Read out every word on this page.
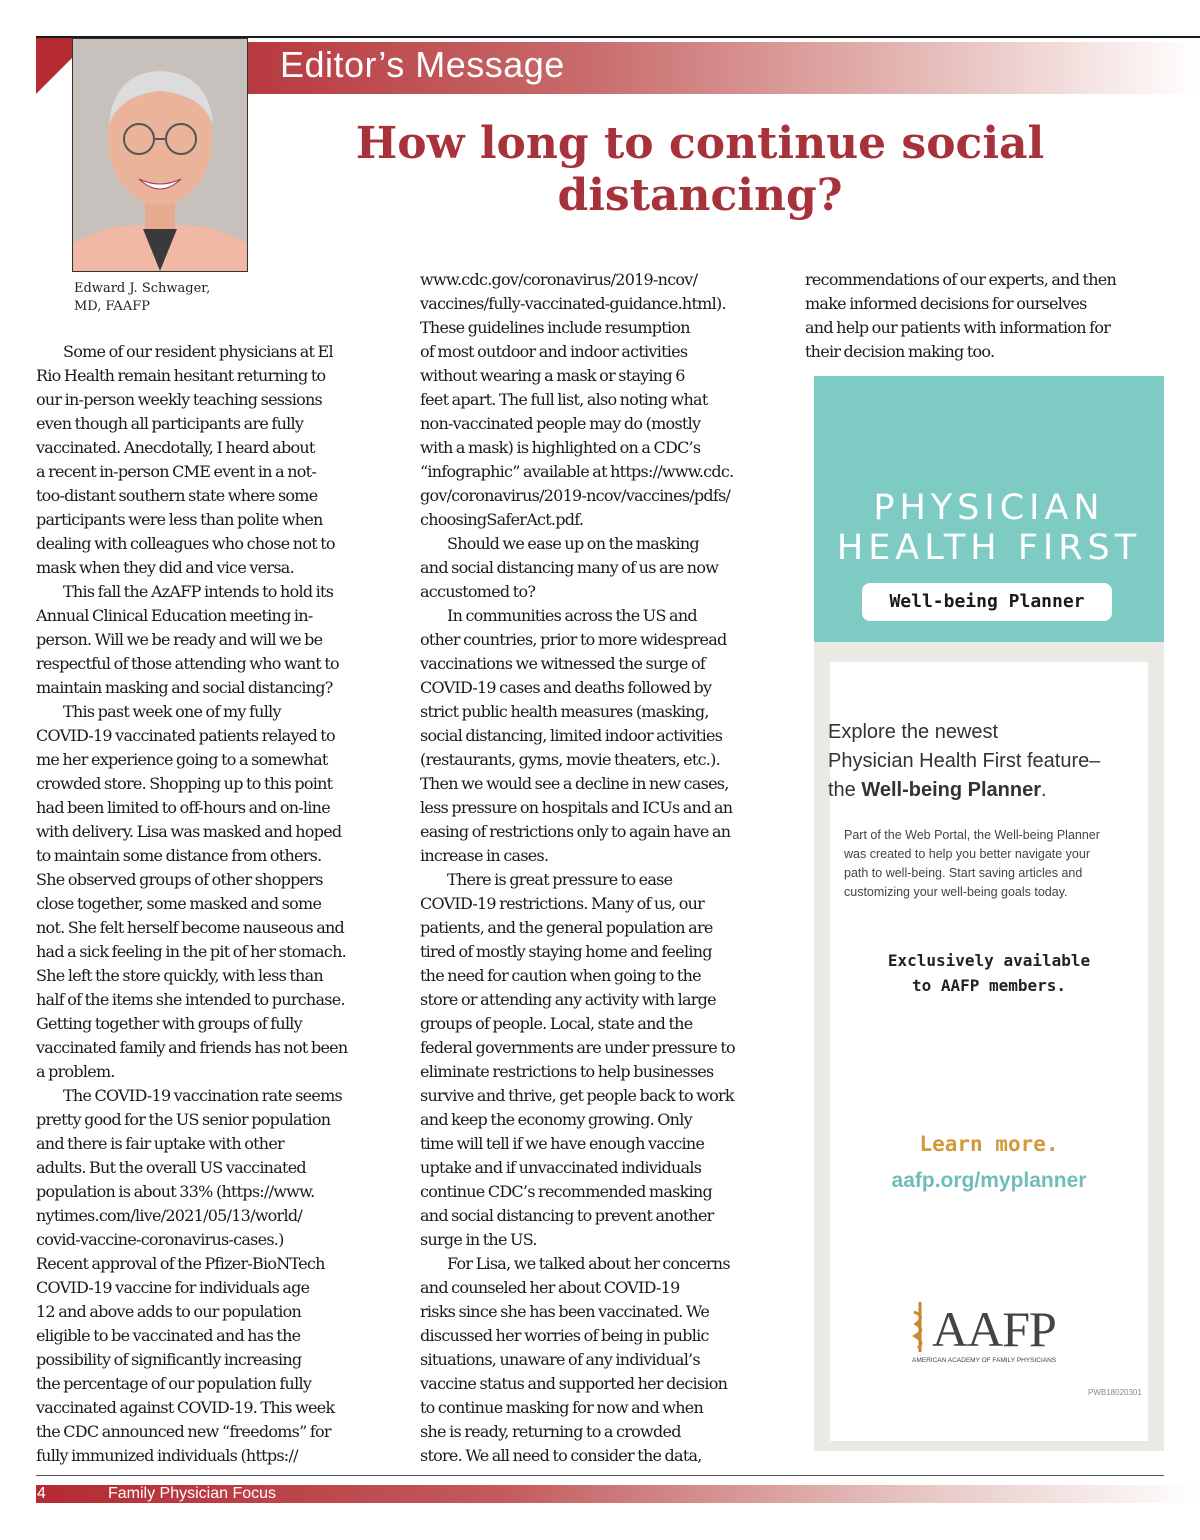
Editor’s Message
Edward J. Schwager,
MD, FAAFP
How long to continue social
distancing?
Some of our resident physicians at El
Rio Health remain hesitant returning to
our in-person weekly teaching sessions
even though all participants are fully
vaccinated. Anecdotally, I heard about
a recent in-person CME event in a not-
too-distant southern state where some
participants were less than polite when
dealing with colleagues who chose not to
mask when they did and vice versa.
This fall the AzAFP intends to hold its
Annual Clinical Education meeting in-
person. Will we be ready and will we be
respectful of those attending who want to
maintain masking and social distancing?
This past week one of my fully
COVID-19 vaccinated patients relayed to
me her experience going to a somewhat
crowded store. Shopping up to this point
had been limited to off-hours and on-line
with delivery. Lisa was masked and hoped
to maintain some distance from others.
She observed groups of other shoppers
close together, some masked and some
not. She felt herself become nauseous and
had a sick feeling in the pit of her stomach.
She left the store quickly, with less than
half of the items she intended to purchase.
Getting together with groups of fully
vaccinated family and friends has not been
a problem.
The COVID-19 vaccination rate seems
pretty good for the US senior population
and there is fair uptake with other
adults. But the overall US vaccinated
population is about 33% (https://www.
nytimes.com/live/2021/05/13/world/
covid-vaccine-coronavirus-cases.)
Recent approval of the Pfizer-BioNTech
COVID-19 vaccine for individuals age
12 and above adds to our population
eligible to be vaccinated and has the
possibility of significantly increasing
the percentage of our population fully
vaccinated against COVID-19. This week
the CDC announced new “freedoms” for
fully immunized individuals (https://
www.cdc.gov/coronavirus/2019-ncov/
vaccines/fully-vaccinated-guidance.html).
These guidelines include resumption
of most outdoor and indoor activities
without wearing a mask or staying 6
feet apart. The full list, also noting what
non-vaccinated people may do (mostly
with a mask) is highlighted on a CDC’s
“infographic” available at https://www.cdc.
gov/coronavirus/2019-ncov/vaccines/pdfs/
choosingSaferAct.pdf.
Should we ease up on the masking
and social distancing many of us are now
accustomed to?
In communities across the US and
other countries, prior to more widespread
vaccinations we witnessed the surge of
COVID-19 cases and deaths followed by
strict public health measures (masking,
social distancing, limited indoor activities
(restaurants, gyms, movie theaters, etc.).
Then we would see a decline in new cases,
less pressure on hospitals and ICUs and an
easing of restrictions only to again have an
increase in cases.
There is great pressure to ease
COVID-19 restrictions. Many of us, our
patients, and the general population are
tired of mostly staying home and feeling
the need for caution when going to the
store or attending any activity with large
groups of people. Local, state and the
federal governments are under pressure to
eliminate restrictions to help businesses
survive and thrive, get people back to work
and keep the economy growing. Only
time will tell if we have enough vaccine
uptake and if unvaccinated individuals
continue CDC’s recommended masking
and social distancing to prevent another
surge in the US.
For Lisa, we talked about her concerns
and counseled her about COVID-19
risks since she has been vaccinated. We
discussed her worries of being in public
situations, unaware of any individual’s
vaccine status and supported her decision
to continue masking for now and when
she is ready, returning to a crowded
store. We all need to consider the data,
recommendations of our experts, and then
make informed decisions for ourselves
and help our patients with information for
their decision making too.
PHYSICIAN
HEALTH FIRST
Well-being Planner
Explore the newest
Physician Health First feature–
the Well-being Planner.
Part of the Web Portal, the Well-being Planner
was created to help you better navigate your
path to well-being. Start saving articles and
customizing your well-being goals today.
Exclusively available
to AAFP members.
Learn more.
aafp.org/myplanner
AAFP
AMERICAN ACADEMY OF FAMILY PHYSICIANS
PWB18020301
4	Family Physician Focus
